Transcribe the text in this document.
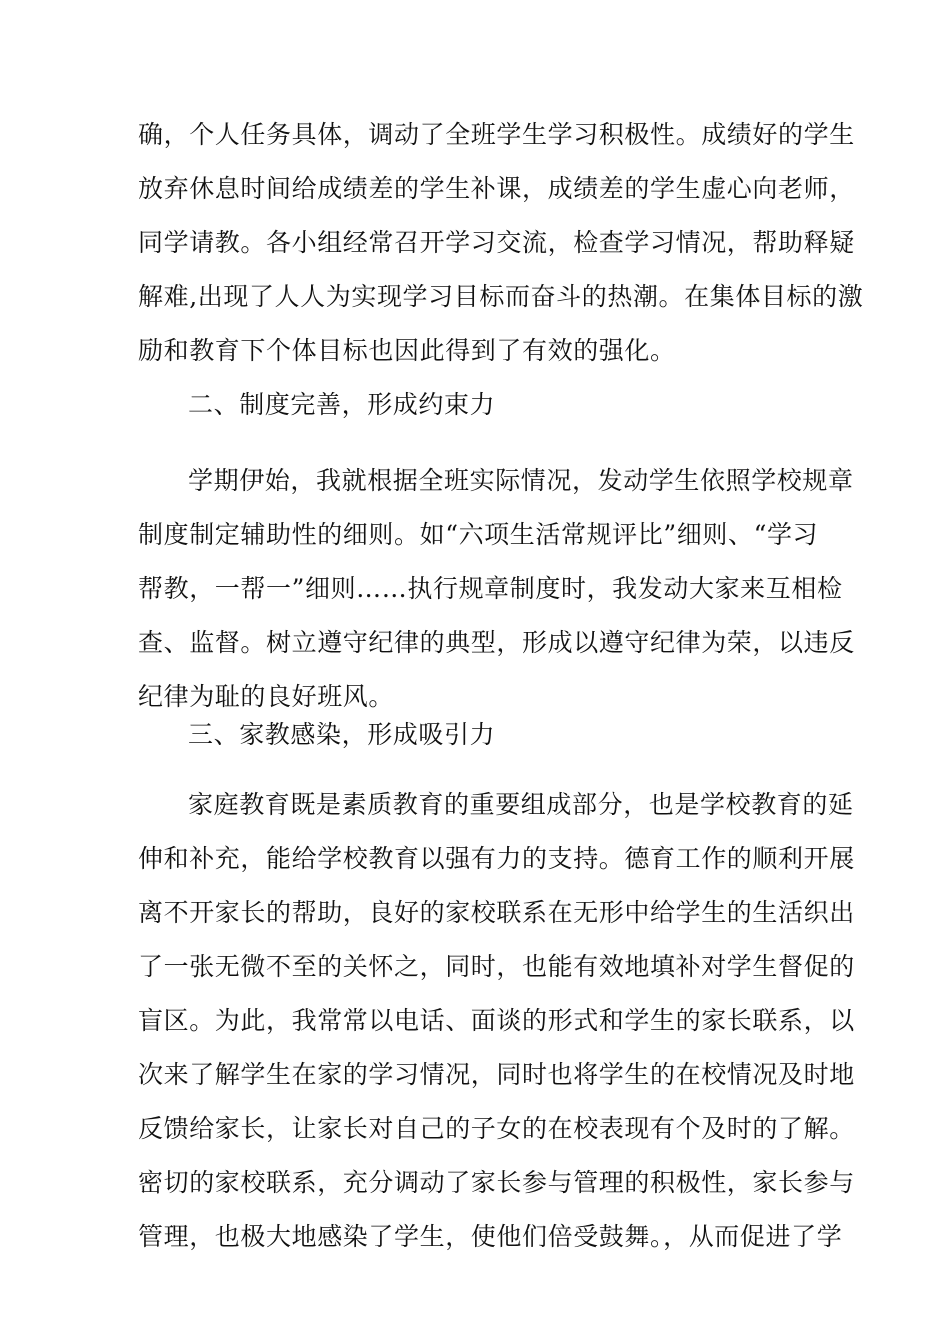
确，个人任务具体，调动了全班学生学习积极性。成绩好的学生
放弃休息时间给成绩差的学生补课，成绩差的学生虚心向老师，
同学请教。各小组经常召开学习交流，检查学习情况，帮助释疑
解难,出现了人人为实现学习目标而奋斗的热潮。在集体目标的激
励和教育下个体目标也因此得到了有效的强化。
二、制度完善，形成约束力
学期伊始，我就根据全班实际情况，发动学生依照学校规章
制度制定辅助性的细则。如“六项生活常规评比”细则、“学习
帮教，一帮一”细则……执行规章制度时，我发动大家来互相检
查、监督。树立遵守纪律的典型，形成以遵守纪律为荣，以违反
纪律为耻的良好班风。
三、家教感染，形成吸引力
家庭教育既是素质教育的重要组成部分，也是学校教育的延
伸和补充，能给学校教育以强有力的支持。德育工作的顺利开展
离不开家长的帮助，良好的家校联系在无形中给学生的生活织出
了一张无微不至的关怀之，同时，也能有效地填补对学生督促的
盲区。为此，我常常以电话、面谈的形式和学生的家长联系，以
次来了解学生在家的学习情况，同时也将学生的在校情况及时地
反馈给家长，让家长对自己的子女的在校表现有个及时的了解。
密切的家校联系，充分调动了家长参与管理的积极性，家长参与
管理，也极大地感染了学生，使他们倍受鼓舞。，从而促进了学
